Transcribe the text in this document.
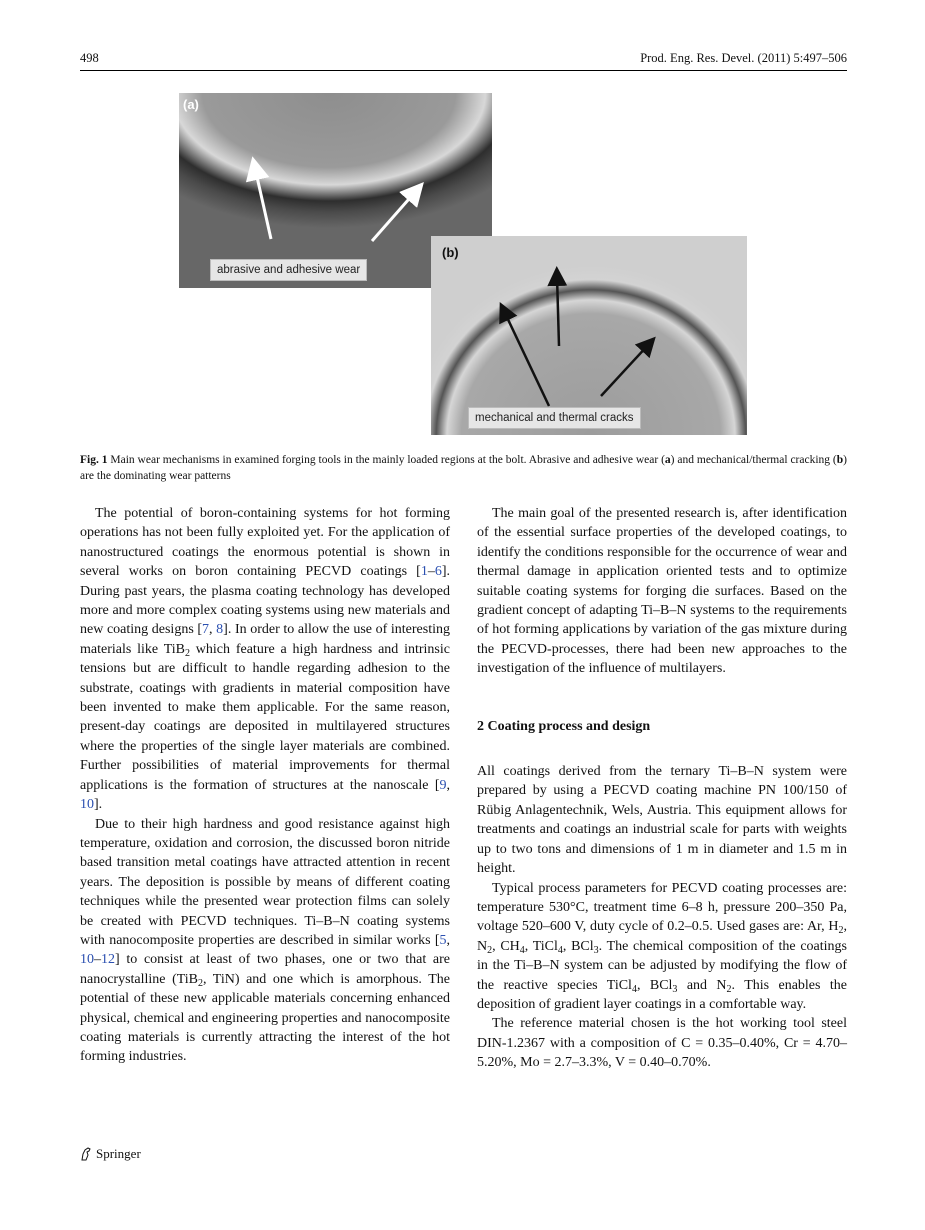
498	Prod. Eng. Res. Devel. (2011) 5:497–506
(a)
abrasive and adhesive wear
(b)
mechanical and thermal cracks
Fig. 1 Main wear mechanisms in examined forging tools in the mainly loaded regions at the bolt. Abrasive and adhesive wear (a) and mechanical/thermal cracking (b) are the dominating wear patterns

The potential of boron-containing systems for hot forming operations has not been fully exploited yet. For the application of nanostructured coatings the enormous potential is shown in several works on boron containing PECVD coatings [1–6]. During past years, the plasma coating technology has developed more and more complex coating systems using new materials and new coating designs [7, 8]. In order to allow the use of interesting materials like TiB$_2$ which feature a high hardness and intrinsic tensions but are difficult to handle regarding adhesion to the substrate, coatings with gradients in material composition have been invented to make them applicable. For the same reason, present-day coatings are deposited in multilayered structures where the properties of the single layer materials are combined. Further possibilities of material improvements for thermal applications is the formation of structures at the nanoscale [9, 10].

Due to their high hardness and good resistance against high temperature, oxidation and corrosion, the discussed boron nitride based transition metal coatings have attracted attention in recent years. The deposition is possible by means of different coating techniques while the presented wear protection films can solely be created with PECVD techniques. Ti–B–N coating systems with nanocomposite properties are described in similar works [5, 10–12] to consist at least of two phases, one or two that are nanocrystalline (TiB$_2$, TiN) and one which is amorphous. The potential of these new applicable materials concerning enhanced physical, chemical and engineering properties and nanocomposite coating materials is currently attracting the interest of the hot forming industries.

The main goal of the presented research is, after identification of the essential surface properties of the developed coatings, to identify the conditions responsible for the occurrence of wear and thermal damage in application oriented tests and to optimize suitable coating systems for forging die surfaces. Based on the gradient concept of adapting Ti–B–N systems to the requirements of hot forming applications by variation of the gas mixture during the PECVD-processes, there had been new approaches to the investigation of the influence of multilayers.

2 Coating process and design

All coatings derived from the ternary Ti–B–N system were prepared by using a PECVD coating machine PN 100/150 of Rübig Anlagentechnik, Wels, Austria. This equipment allows for treatments and coatings an industrial scale for parts with weights up to two tons and dimensions of 1 m in diameter and 1.5 m in height.

Typical process parameters for PECVD coating processes are: temperature 530°C, treatment time 6–8 h, pressure 200–350 Pa, voltage 520–600 V, duty cycle of 0.2–0.5. Used gases are: Ar, $H_2$, $N_2$, $CH_4$, TiCl$_4$, BCl$_3$. The chemical composition of the coatings in the Ti–B–N system can be adjusted by modifying the flow of the reactive species TiCl$_4$, BCl$_3$ and $N_2$. This enables the deposition of gradient layer coatings in a comfortable way.

The reference material chosen is the hot working tool steel DIN-1.2367 with a composition of C = 0.35–0.40%, Cr = 4.70–5.20%, Mo = 2.7–3.3%, V = 0.40–0.70%.

Springer
